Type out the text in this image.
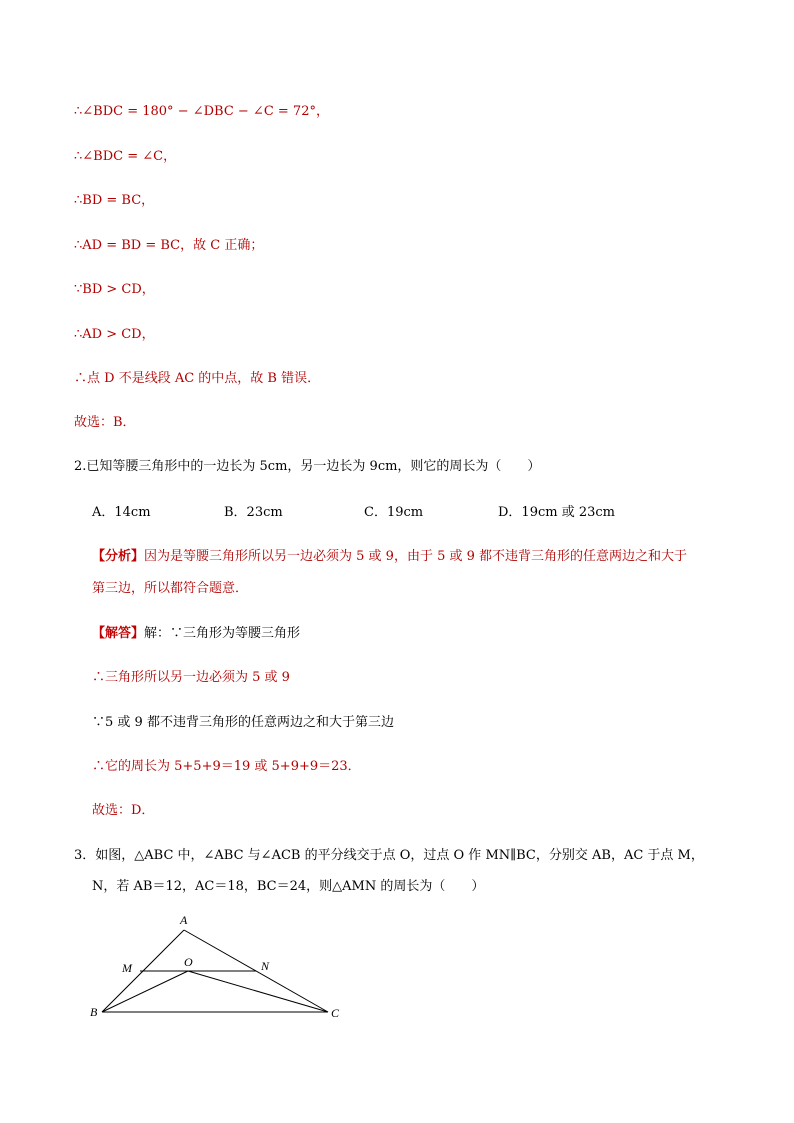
∴∠BDC = 180° − ∠DBC − ∠C = 72°，
∴∠BDC = ∠C，
∴BD = BC，
∴AD = BD = BC，故 C 正确；
∵BD > CD，
∴AD > CD，
∴点 D 不是线段 AC 的中点，故 B 错误．
故选：B．
2.已知等腰三角形中的一边长为 5cm，另一边长为 9cm，则它的周长为（　　）
A．14cm	B．23cm	C．19cm	D．19cm 或 23cm
【分析】因为是等腰三角形所以另一边必须为 5 或 9，由于 5 或 9 都不违背三角形的任意两边之和大于
第三边，所以都符合题意．
【解答】解：∵三角形为等腰三角形
∴三角形所以另一边必须为 5 或 9
∵5 或 9 都不违背三角形的任意两边之和大于第三边
∴它的周长为 5+5+9＝19 或 5+9+9＝23．
故选：D．
3．如图，△ABC 中，∠ABC 与∠ACB 的平分线交于点 O，过点 O 作 MN∥BC，分别交 AB，AC 于点 M，
N，若 AB＝12，AC＝18，BC＝24，则△AMN 的周长为（　　）
A
M	O	N
B	C
